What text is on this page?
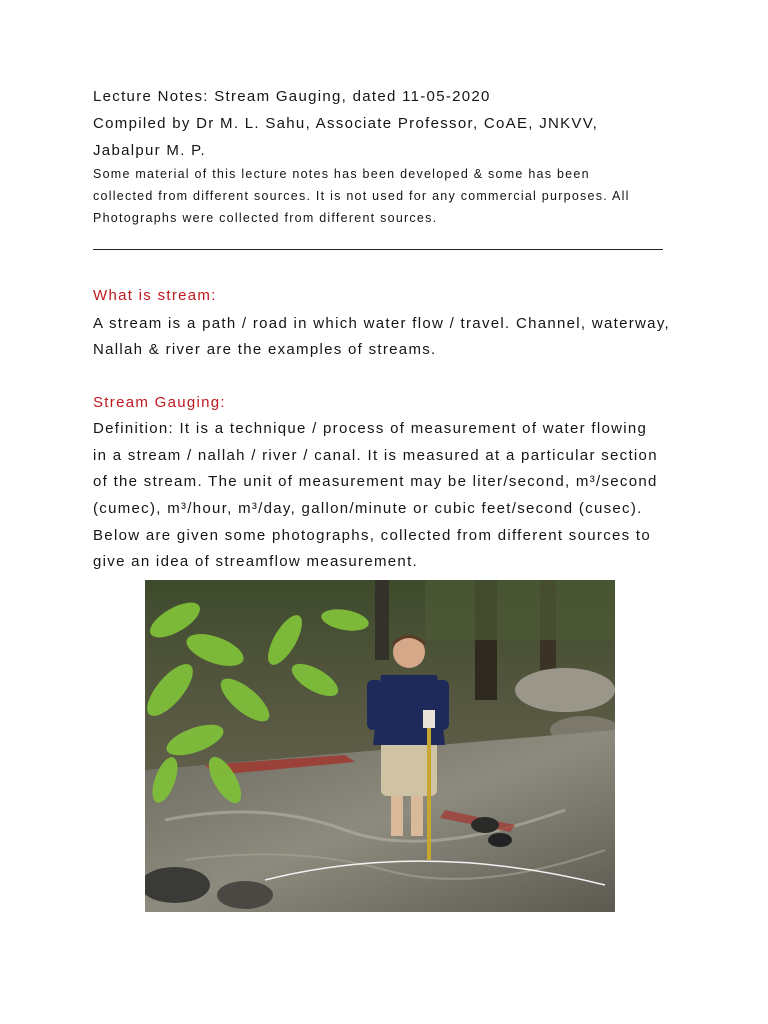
Lecture Notes: Stream Gauging, dated 11-05-2020
Compiled by Dr M. L. Sahu, Associate Professor, CoAE, JNKVV,
Jabalpur M. P.
Some material of this lecture notes has been developed & some has been
collected from different sources. It is not used for any commercial purposes. All
Photographs were collected from different sources.
What is stream:
A stream is a path / road in which water flow / travel. Channel, waterway,
Nallah & river are the examples of streams.
Stream Gauging:
Definition: It is a technique / process of measurement of water flowing
in a stream / nallah / river / canal. It is measured at a particular section
of the stream. The unit of measurement may be liter/second, m³/second
(cumec), m³/hour, m³/day, gallon/minute or cubic feet/second (cusec).
Below are given some photographs, collected from different sources to
give an idea of streamflow measurement.
